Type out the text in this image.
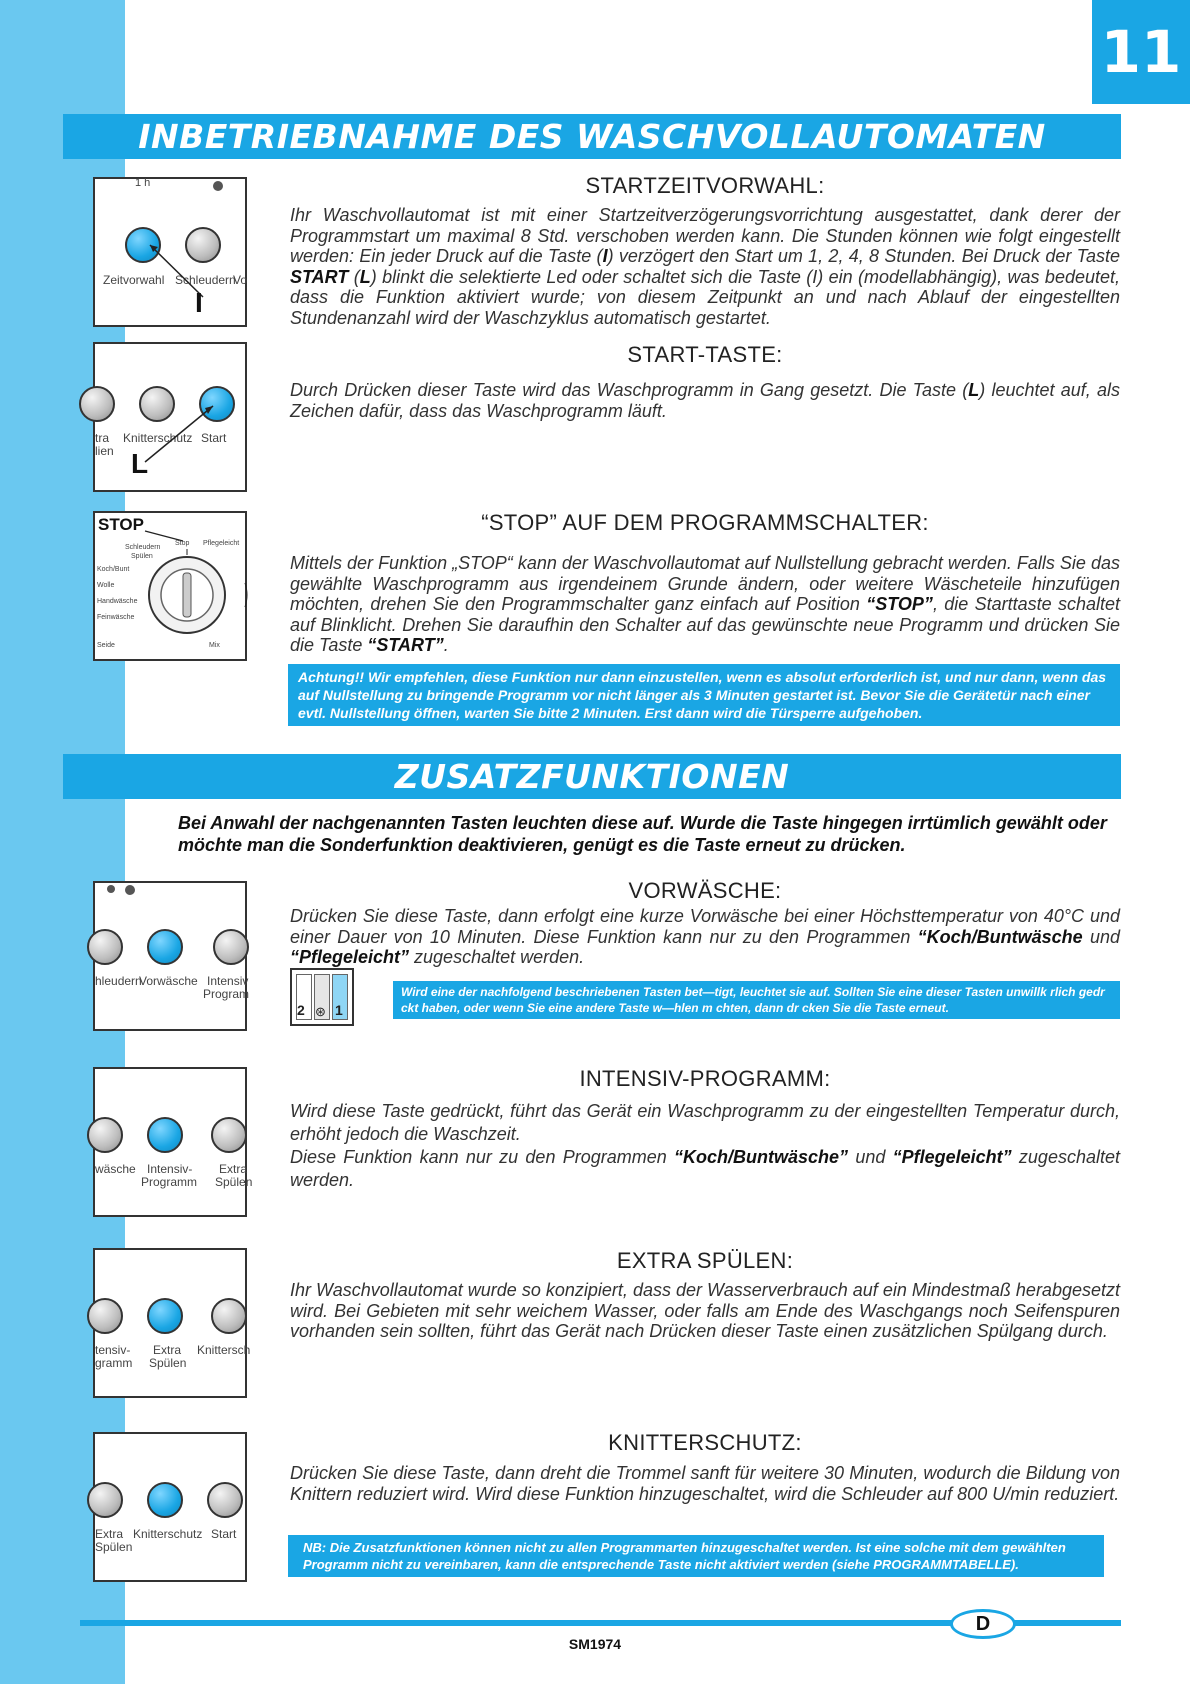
11
INBETRIEBNAHME DES WASCHVOLLAUTOMATEN
1 h
Zeitvorwahl Schleudern
Vo
I
STARTZEITVORWAHL:
Ihr Waschvollautomat ist mit einer Startzeitverzögerungsvorrichtung ausgestattet, dank derer der Programmstart um maximal 8 Std. verschoben werden kann. Die Stunden können wie folgt eingestellt werden: Ein jeder Druck auf die Taste (I) verzögert den Start um 1, 2, 4, 8 Stunden. Bei Druck der Taste START (L) blinkt die selektierte Led oder schaltet sich die Taste (I) ein (modellabhängig), was bedeutet, dass die Funktion aktiviert wurde; von diesem Zeitpunkt an und nach Ablauf der eingestellten Stundenanzahl wird der Waschzyklus automatisch gestartet.
tra
lien
Knitterschutz Start
L
START-TASTE:
Durch Drücken dieser Taste wird das Waschprogramm in Gang gesetzt. Die Taste (L) leuchtet auf, als Zeichen dafür, dass das Waschprogramm läuft.
STOP
Stop
Schleudern
Spülen
Koch/Bunt
Pflegeleicht
Wolle
Handwäsche
Feinwäsche
Seide	Mix
“STOP” AUF DEM PROGRAMMSCHALTER:
Mittels der Funktion „STOP“ kann der Waschvollautomat auf Nullstellung gebracht werden. Falls Sie das gewählte Waschprogramm aus irgendeinem Grunde ändern, oder weitere Wäscheteile hinzufügen möchten, drehen Sie den Programmschalter ganz einfach auf Position “STOP”, die Starttaste schaltet auf Blinklicht. Drehen Sie daraufhin den Schalter auf das gewünschte neue Programm und drücken Sie die Taste “START”.
Achtung!! Wir empfehlen, diese Funktion nur dann einzustellen, wenn es absolut erforderlich ist, und nur dann, wenn das auf Nullstellung zu bringende Programm vor nicht länger als 3 Minuten gestartet ist. Bevor Sie die Gerätetür nach einer evtl. Nullstellung öffnen, warten Sie bitte 2 Minuten. Erst dann wird die Türsperre aufgehoben.
ZUSATZFUNKTIONEN
Bei Anwahl der nachgenannten Tasten leuchten diese auf. Wurde die Taste hingegen irrtümlich gewählt oder möchte man die Sonderfunktion deaktivieren, genügt es die Taste erneut zu drücken.
hleudern
Vorwäsche Intensiv
Program
VORWÄSCHE:
Drücken Sie diese Taste, dann erfolgt eine kurze Vorwäsche bei einer Höchsttemperatur von 40°C und einer Dauer von 10 Minuten. Diese Funktion kann nur zu den Programmen “Koch/Buntwäsche und “Pflegeleicht” zugeschaltet werden.
2 1
⊛
Wird eine der nachfolgend beschriebenen Tasten bet—tigt, leuchtet sie auf. Sollten Sie eine dieser Tasten unwillk rlich gedr ckt haben, oder wenn Sie eine andere Taste w—hlen m chten, dann dr cken Sie die Taste erneut.
wäsche Intensiv-
Programm
Extra
Spülen
INTENSIV-PROGRAMM:
Wird diese Taste gedrückt, führt das Gerät ein Waschprogramm zu der eingestellten Temperatur durch, erhöht jedoch die Waschzeit.
Diese Funktion kann nur zu den Programmen “Koch/Buntwäsche” und “Pflegeleicht” zugeschaltet werden.
tensiv-
gramm
Extra
Spülen
Knittersch
EXTRA SPÜLEN:
Ihr Waschvollautomat wurde so konzipiert, dass der Wasserverbrauch auf ein Mindestmaß herabgesetzt wird. Bei Gebieten mit sehr weichem Wasser, oder falls am Ende des Waschgangs noch Seifenspuren vorhanden sein sollten, führt das Gerät nach Drücken dieser Taste einen zusätzlichen Spülgang durch.
Extra
Spülen
Knitterschutz Start
KNITTERSCHUTZ:
Drücken Sie diese Taste, dann dreht die Trommel sanft für weitere 30 Minuten, wodurch die Bildung von Knittern reduziert wird. Wird diese Funktion hinzugeschaltet, wird die Schleuder auf 800 U/min reduziert.
NB: Die Zusatzfunktionen können nicht zu allen Programmarten hinzugeschaltet werden. Ist eine solche mit dem gewählten Programm nicht zu vereinbaren, kann die entsprechende Taste nicht aktiviert werden (siehe PROGRAMMTABELLE).
D
SM1974
